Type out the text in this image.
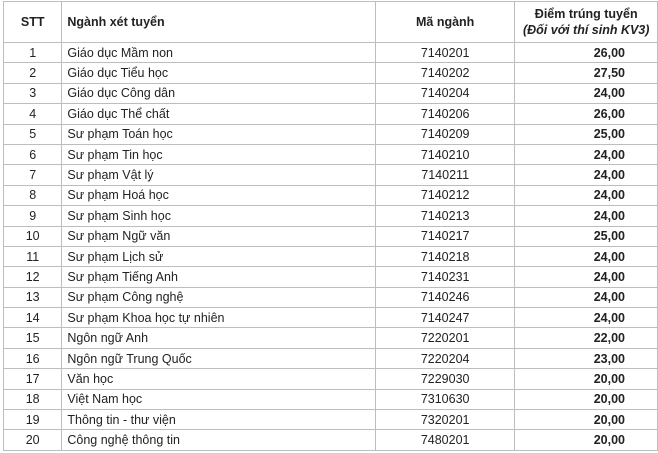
STT	Ngành xét tuyển	Mã ngành	Điểm trúng tuyển
(Đối với thí sinh KV3)

1	Giáo dục Mầm non	7140201	26,00
2	Giáo dục Tiểu học	7140202	27,50
3	Giáo dục Công dân	7140204	24,00
4	Giáo dục Thể chất	7140206	26,00
5	Sư phạm Toán học	7140209	25,00
6	Sư phạm Tin học	7140210	24,00
7	Sư phạm Vật lý	7140211	24,00
8	Sư phạm Hoá học	7140212	24,00
9	Sư phạm Sinh học	7140213	24,00
10	Sư phạm Ngữ văn	7140217	25,00
11	Sư phạm Lịch sử	7140218	24,00
12	Sư phạm Tiếng Anh	7140231	24,00
13	Sư phạm Công nghệ	7140246	24,00
14	Sư phạm Khoa học tự nhiên	7140247	24,00
15	Ngôn ngữ Anh	7220201	22,00
16	Ngôn ngữ Trung Quốc	7220204	23,00
17	Văn học	7229030	20,00
18	Việt Nam học	7310630	20,00
19	Thông tin - thư viện	7320201	20,00
20	Công nghệ thông tin	7480201	20,00
